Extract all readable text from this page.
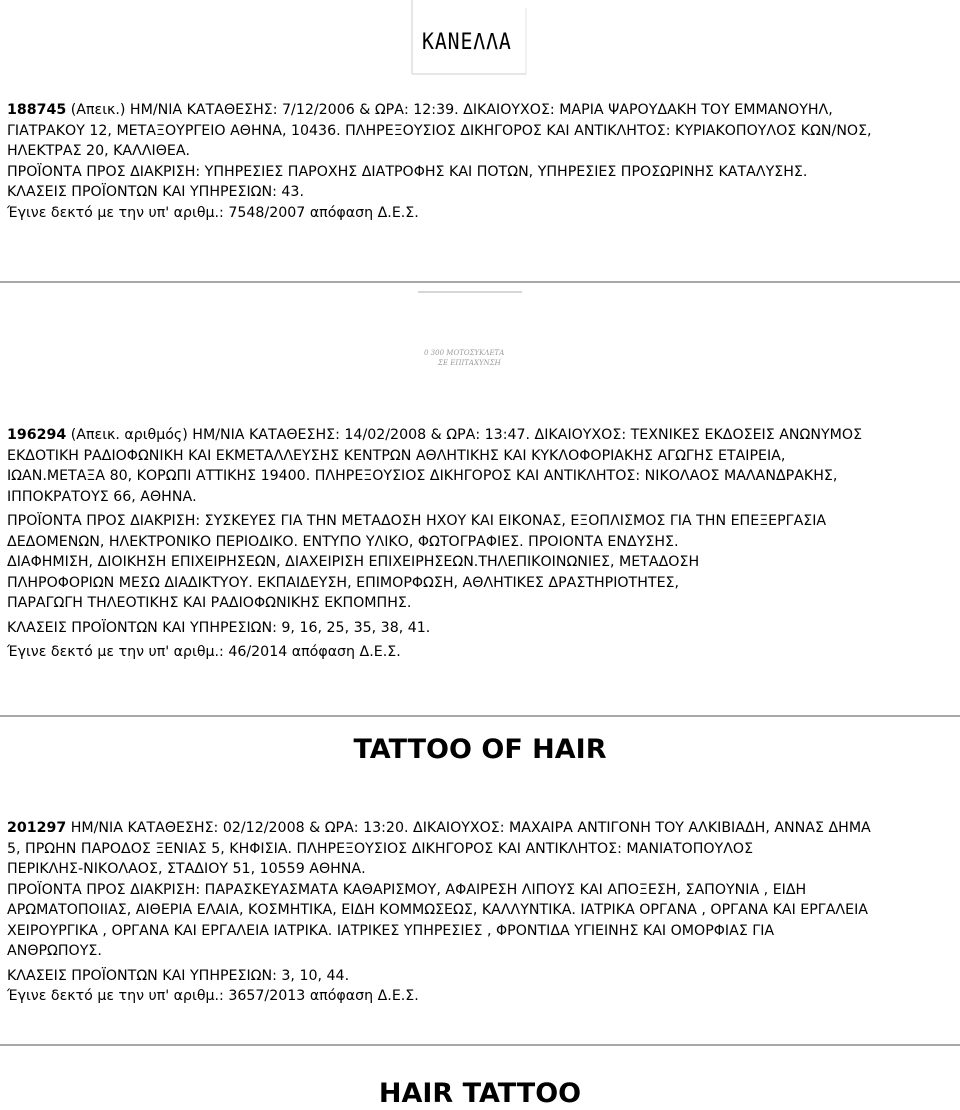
KANEΛΛA

188745 (Απεικ.) ΗΜ/ΝΙΑ ΚΑΤΑΘΕΣΗΣ: 7/12/2006 & ΩΡΑ: 12:39. ΔΙΚΑΙΟΥΧΟΣ: ΜΑΡΙΑ ΨΑΡΟΥΔΑΚΗ ΤΟΥ ΕΜΜΑΝΟΥΗΛ,

ΓΙΑΤΡΑΚΟΥ 12, ΜΕΤΑΞΟΥΡΓΕΙΟ ΑΘΗΝΑ, 10436. ΠΛΗΡΕΞΟΥΣΙΟΣ ΔΙΚΗΓΟΡΟΣ ΚΑΙ ΑΝΤΙΚΛΗΤΟΣ: ΚΥΡΙΑΚΟΠΟΥΛΟΣ ΚΩΝ/ΝΟΣ,

ΗΛΕΚΤΡΑΣ 20, ΚΑΛΛΙΘΕΑ.

ΠΡΟΪΟΝΤΑ ΠΡΟΣ ΔΙΑΚΡΙΣΗ: ΥΠΗΡΕΣΙΕΣ ΠΑΡΟΧΗΣ ΔΙΑΤΡΟΦΗΣ ΚΑΙ ΠΟΤΩΝ, ΥΠΗΡΕΣΙΕΣ ΠΡΟΣΩΡΙΝΗΣ ΚΑΤΑΛΥΣΗΣ.

ΚΛΑΣΕΙΣ ΠΡΟΪΟΝΤΩΝ ΚΑΙ ΥΠΗΡΕΣΙΩΝ: 43.

Έγινε δεκτό με την υπ' αριθμ.: 7548/2007 απόφαση Δ.Ε.Σ.

0 300 ΜΟΤΟΣΥΚΛΕΤΑ
ΣΕ ΕΠΙΤΑΧΥΝΣΗ

196294 (Απεικ. αριθμός) ΗΜ/ΝΙΑ ΚΑΤΑΘΕΣΗΣ: 14/02/2008 & ΩΡΑ: 13:47. ΔΙΚΑΙΟΥΧΟΣ: ΤΕΧΝΙΚΕΣ ΕΚΔΟΣΕΙΣ ΑΝΩΝΥΜΟΣ

ΕΚΔΟΤΙΚΗ ΡΑΔΙΟΦΩΝΙΚΗ ΚΑΙ ΕΚΜΕΤΑΛΛΕΥΣΗΣ ΚΕΝΤΡΩΝ ΑΘΛΗΤΙΚΗΣ ΚΑΙ ΚΥΚΛΟΦΟΡΙΑΚΗΣ ΑΓΩΓΗΣ ΕΤΑΙΡΕΙΑ,

ΙΩΑΝ.ΜΕΤΑΞΑ 80, ΚΟΡΩΠΙ ΑΤΤΙΚΗΣ 19400. ΠΛΗΡΕΞΟΥΣΙΟΣ ΔΙΚΗΓΟΡΟΣ ΚΑΙ ΑΝΤΙΚΛΗΤΟΣ: ΝΙΚΟΛΑΟΣ ΜΑΛΑΝΔΡΑΚΗΣ,

ΙΠΠΟΚΡΑΤΟΥΣ 66, ΑΘΗΝΑ.

ΠΡΟΪΟΝΤΑ ΠΡΟΣ ΔΙΑΚΡΙΣΗ: ΣΥΣΚΕΥΕΣ ΓΙΑ ΤΗΝ ΜΕΤΑΔΟΣΗ ΗΧΟΥ ΚΑΙ ΕΙΚΟΝΑΣ, ΕΞΟΠΛΙΣΜΟΣ ΓΙΑ ΤΗΝ ΕΠΕΞΕΡΓΑΣΙΑ

ΔΕΔΟΜΕΝΩΝ, ΗΛΕΚΤΡΟΝΙΚΟ ΠΕΡΙΟΔΙΚΟ. ΕΝΤΥΠΟ ΥΛΙΚΟ, ΦΩΤΟΓΡΑΦΙΕΣ. ΠΡΟΙΟΝΤΑ ΕΝΔΥΣΗΣ.

ΔΙΑΦΗΜΙΣΗ, ΔΙΟΙΚΗΣΗ ΕΠΙΧΕΙΡΗΣΕΩΝ, ΔΙΑΧΕΙΡΙΣΗ ΕΠΙΧΕΙΡΗΣΕΩΝ.ΤΗΛΕΠΙΚΟΙΝΩΝΙΕΣ, ΜΕΤΑΔΟΣΗ

ΠΛΗΡΟΦΟΡΙΩΝ ΜΕΣΩ ΔΙΑΔΙΚΤΥΟΥ. ΕΚΠΑΙΔΕΥΣΗ, ΕΠΙΜΟΡΦΩΣΗ, ΑΘΛΗΤΙΚΕΣ ΔΡΑΣΤΗΡΙΟΤΗΤΕΣ,

ΠΑΡΑΓΩΓΗ ΤΗΛΕΟΤΙΚΗΣ ΚΑΙ ΡΑΔΙΟΦΩΝΙΚΗΣ ΕΚΠΟΜΠΗΣ.

ΚΛΑΣΕΙΣ ΠΡΟΪΟΝΤΩΝ ΚΑΙ ΥΠΗΡΕΣΙΩΝ: 9, 16, 25, 35, 38, 41.

Έγινε δεκτό με την υπ' αριθμ.: 46/2014 απόφαση Δ.Ε.Σ.

TATTOO OF HAIR

201297 ΗΜ/ΝΙΑ ΚΑΤΑΘΕΣΗΣ: 02/12/2008 & ΩΡΑ: 13:20. ΔΙΚΑΙΟΥΧΟΣ: ΜΑΧΑΙΡΑ ΑΝΤΙΓΟΝΗ ΤΟΥ ΑΛΚΙΒΙΑΔΗ, ΑΝΝΑΣ ΔΗΜΑ

5, ΠΡΩΗΝ ΠΑΡΟΔΟΣ ΞΕΝΙΑΣ 5, ΚΗΦΙΣΙΑ. ΠΛΗΡΕΞΟΥΣΙΟΣ ΔΙΚΗΓΟΡΟΣ ΚΑΙ ΑΝΤΙΚΛΗΤΟΣ: ΜΑΝΙΑΤΟΠΟΥΛΟΣ

ΠΕΡΙΚΛΗΣ-ΝΙΚΟΛΑΟΣ, ΣΤΑΔΙΟΥ 51, 10559 ΑΘΗΝΑ.

ΠΡΟΪΟΝΤΑ ΠΡΟΣ ΔΙΑΚΡΙΣΗ: ΠΑΡΑΣΚΕΥΑΣΜΑΤΑ ΚΑΘΑΡΙΣΜΟΥ, ΑΦΑΙΡΕΣΗ ΛΙΠΟΥΣ ΚΑΙ ΑΠΟΞΕΣΗ, ΣΑΠΟΥΝΙΑ , ΕΙΔΗ

ΑΡΩΜΑΤΟΠΟΙΙΑΣ, ΑΙΘΕΡΙΑ ΕΛΑΙΑ, ΚΟΣΜΗΤΙΚΑ, ΕΙΔΗ ΚΟΜΜΩΣΕΩΣ, ΚΑΛΛΥΝΤΙΚΑ. ΙΑΤΡΙΚΑ ΟΡΓΑΝΑ , ΟΡΓΑΝΑ ΚΑΙ ΕΡΓΑΛΕΙΑ

ΧΕΙΡΟΥΡΓΙΚΑ , ΟΡΓΑΝΑ ΚΑΙ ΕΡΓΑΛΕΙΑ ΙΑΤΡΙΚΑ. ΙΑΤΡΙΚΕΣ ΥΠΗΡΕΣΙΕΣ , ΦΡΟΝΤΙΔΑ ΥΓΙΕΙΝΗΣ ΚΑΙ ΟΜΟΡΦΙΑΣ ΓΙΑ

ΑΝΘΡΩΠΟΥΣ.

ΚΛΑΣΕΙΣ ΠΡΟΪΟΝΤΩΝ ΚΑΙ ΥΠΗΡΕΣΙΩΝ: 3, 10, 44.

Έγινε δεκτό με την υπ' αριθμ.: 3657/2013 απόφαση Δ.Ε.Σ.

HAIR TATTOO
